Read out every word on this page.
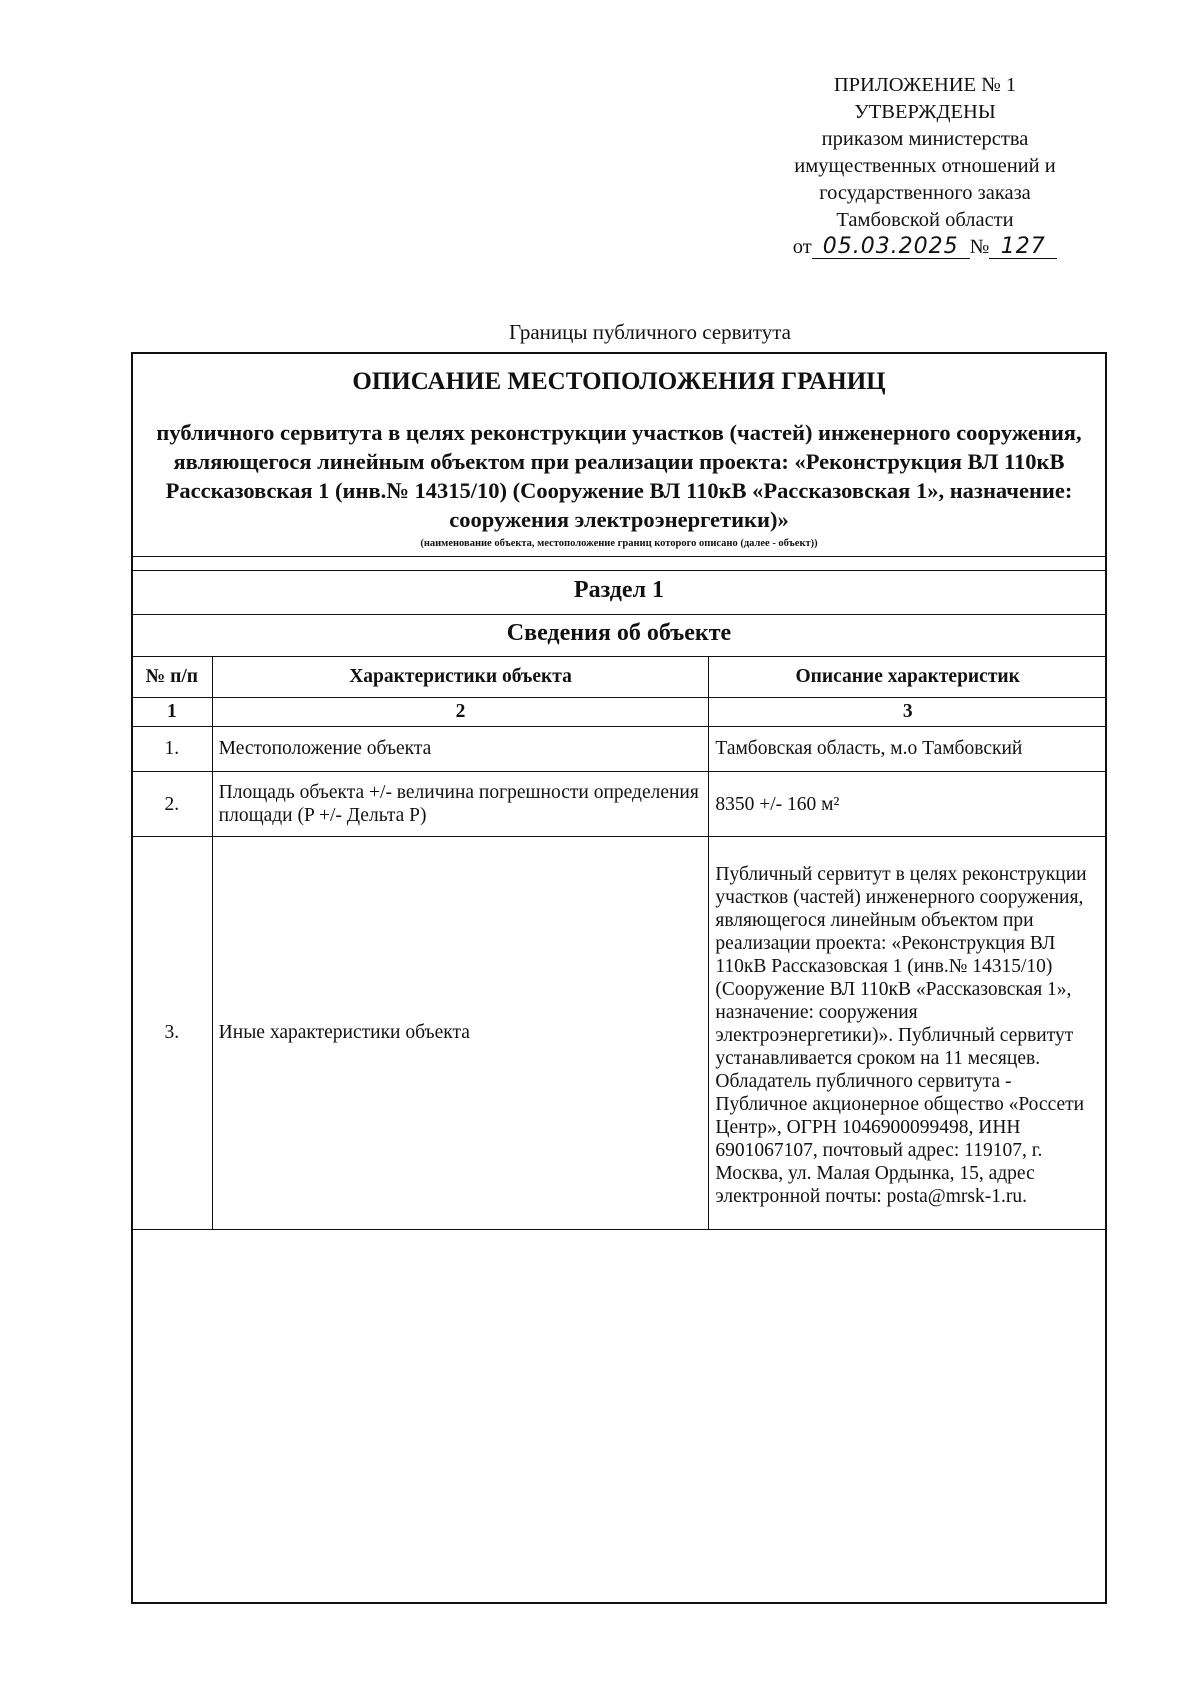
ПРИЛОЖЕНИЕ № 1
УТВЕРЖДЕНЫ
приказом министерства
имущественных отношений и
государственного заказа
Тамбовской области
от 05.03.2025 № 127
Границы публичного сервитута
ОПИСАНИЕ МЕСТОПОЛОЖЕНИЯ ГРАНИЦ
публичного сервитута в целях реконструкции участков (частей) инженерного сооружения, являющегося линейным объектом при реализации проекта: «Реконструкция ВЛ 110кВ Рассказовская 1 (инв.№ 14315/10) (Сооружение ВЛ 110кВ «Рассказовская 1», назначение: сооружения электроэнергетики)»
(наименование объекта, местоположение границ которого описано (далее - объект))
Раздел 1
Сведения об объекте
№ п/п	Характеристики объекта	Описание характеристик
1	2	3
1.	Местоположение объекта	Тамбовская область, м.о Тамбовский
2.	Площадь объекта +/- величина погрешности определения площади (P +/- Дельта P)	8350 +/- 160 м²
3.	Иные характеристики объекта	Публичный сервитут в целях реконструкции участков (частей) инженерного сооружения, являющегося линейным объектом при реализации проекта: «Реконструкция ВЛ 110кВ Рассказовская 1 (инв.№ 14315/10) (Сооружение ВЛ 110кВ «Рассказовская 1», назначение: сооружения электроэнергетики)». Публичный сервитут устанавливается сроком на 11 месяцев. Обладатель публичного сервитута - Публичное акционерное общество «Россети Центр», ОГРН 1046900099498, ИНН 6901067107, почтовый адрес: 119107, г. Москва, ул. Малая Ордынка, 15, адрес электронной почты: posta@mrsk-1.ru.
